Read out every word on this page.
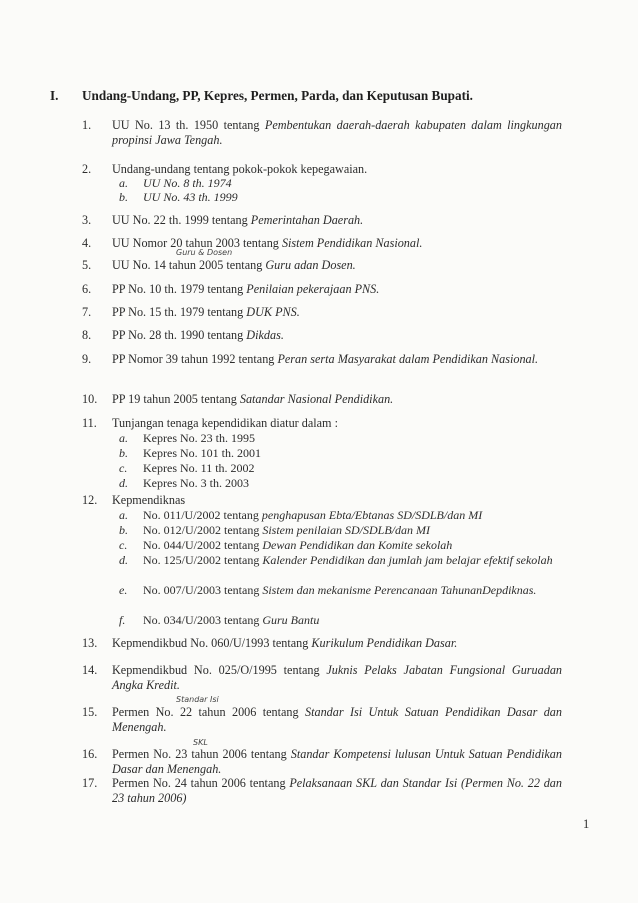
I. Undang-Undang, PP, Kepres, Permen, Parda, dan Keputusan Bupati.
1. UU No. 13 th. 1950 tentang Pembentukan daerah-daerah kabupaten dalam lingkungan propinsi Jawa Tengah.
2. Undang-undang tentang pokok-pokok kepegawaian.
a. UU No. 8 th. 1974
b. UU No. 43 th. 1999
3. UU No. 22 th. 1999 tentang Pemerintahan Daerah.
4. UU Nomor 20 tahun 2003 tentang Sistem Pendidikan Nasional.
Guru & Dosen
5. UU No. 14 tahun 2005 tentang Guru adan Dosen.
6. PP No. 10 th. 1979 tentang Penilaian pekerajaan PNS.
7. PP No. 15 th. 1979 tentang DUK PNS.
8. PP No. 28 th. 1990 tentang Dikdas.
9. PP Nomor 39 tahun 1992 tentang Peran serta Masyarakat dalam Pendidikan Nasional.
10. PP 19 tahun 2005 tentang Satandar Nasional Pendidikan.
11. Tunjangan tenaga kependidikan diatur dalam :
a. Kepres No. 23 th. 1995
b. Kepres No. 101 th. 2001
c. Kepres No. 11 th. 2002
d. Kepres No. 3 th. 2003
12. Kepmendiknas
a. No. 011/U/2002 tentang penghapusan Ebta/Ebtanas SD/SDLB/dan MI
b. No. 012/U/2002 tentang Sistem penilaian SD/SDLB/dan MI
c. No. 044/U/2002 tentang Dewan Pendidikan dan Komite sekolah
d. No. 125/U/2002 tentang Kalender Pendidikan dan jumlah jam belajar efektif sekolah
e. No. 007/U/2003 tentang Sistem dan mekanisme Perencanaan TahunanDepdiknas.
f. No. 034/U/2003 tentang Guru Bantu
13. Kepmendikbud No. 060/U/1993 tentang Kurikulum Pendidikan Dasar.
14. Kepmendikbud No. 025/O/1995 tentang Juknis Pelaks Jabatan Fungsional Guruadan Angka Kredit.
Standar Isi
15. Permen No. 22 tahun 2006 tentang Standar Isi Untuk Satuan Pendidikan Dasar dan Menengah.
SKL
16. Permen No. 23 tahun 2006 tentang Standar Kompetensi lulusan Untuk Satuan Pendidikan Dasar dan Menengah.
17. Permen No. 24 tahun 2006 tentang Pelaksanaan SKL dan Standar Isi (Permen No. 22 dan 23 tahun 2006)
1
